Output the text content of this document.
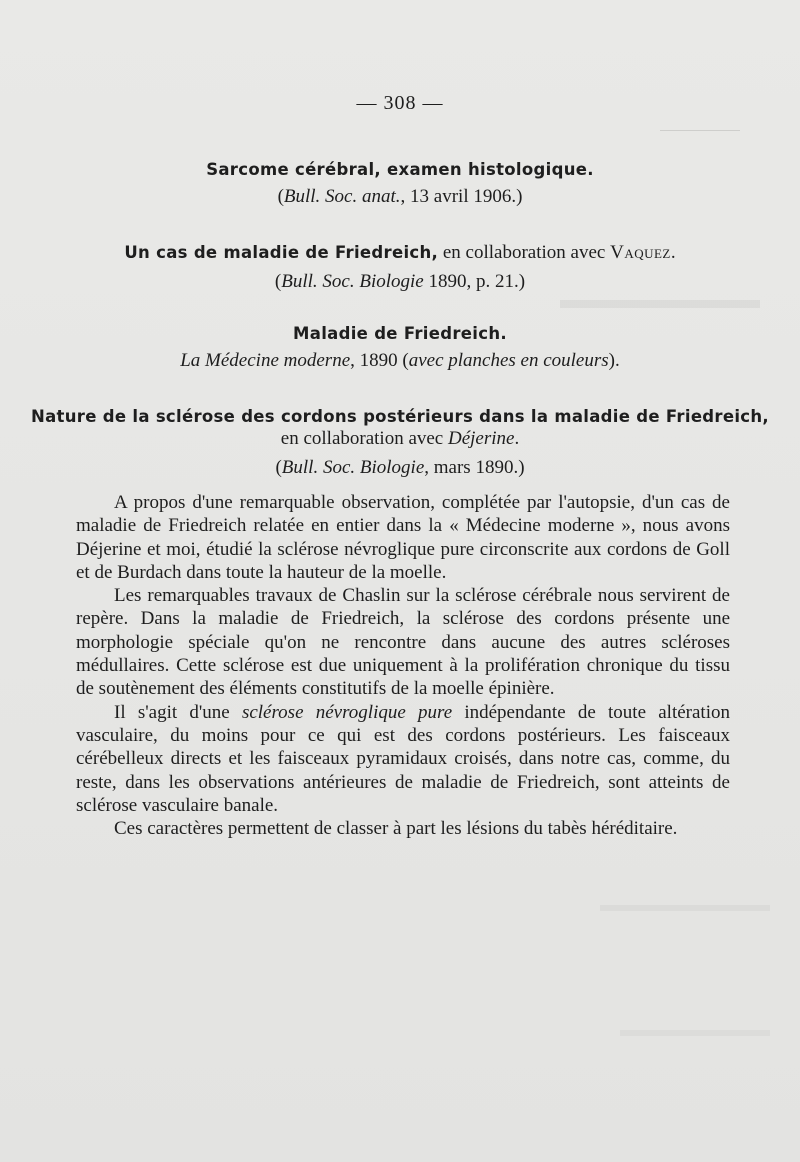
— 308 —
Sarcome cérébral, examen histologique.
(Bull. Soc. anat., 13 avril 1906.)
Un cas de maladie de Friedreich, en collaboration avec Vaquez.
(Bull. Soc. Biologie 1890, p. 21.)
Maladie de Friedreich.
La Médecine moderne, 1890 (avec planches en couleurs).
Nature de la sclérose des cordons postérieurs dans la maladie de Friedreich,
en collaboration avec Déjerine.
(Bull. Soc. Biologie, mars 1890.)

A propos d'une remarquable observation, complétée par l'autopsie, d'un cas de maladie de Friedreich relatée en entier dans la « Médecine moderne », nous avons Déjerine et moi, étudié la sclérose névroglique pure circonscrite aux cordons de Goll et de Burdach dans toute la hauteur de la moelle.

Les remarquables travaux de Chaslin sur la sclérose cérébrale nous servirent de repère. Dans la maladie de Friedreich, la sclérose des cordons présente une morphologie spéciale qu'on ne rencontre dans aucune des autres scléroses médullaires. Cette sclérose est due uniquement à la prolifération chronique du tissu de soutènement des éléments constitutifs de la moelle épinière.

Il s'agit d'une sclérose névroglique pure indépendante de toute altération vasculaire, du moins pour ce qui est des cordons postérieurs. Les faisceaux cérébelleux directs et les faisceaux pyramidaux croisés, dans notre cas, comme, du reste, dans les observations antérieures de maladie de Friedreich, sont atteints de sclérose vasculaire banale.

Ces caractères permettent de classer à part les lésions du tabès héréditaire.
